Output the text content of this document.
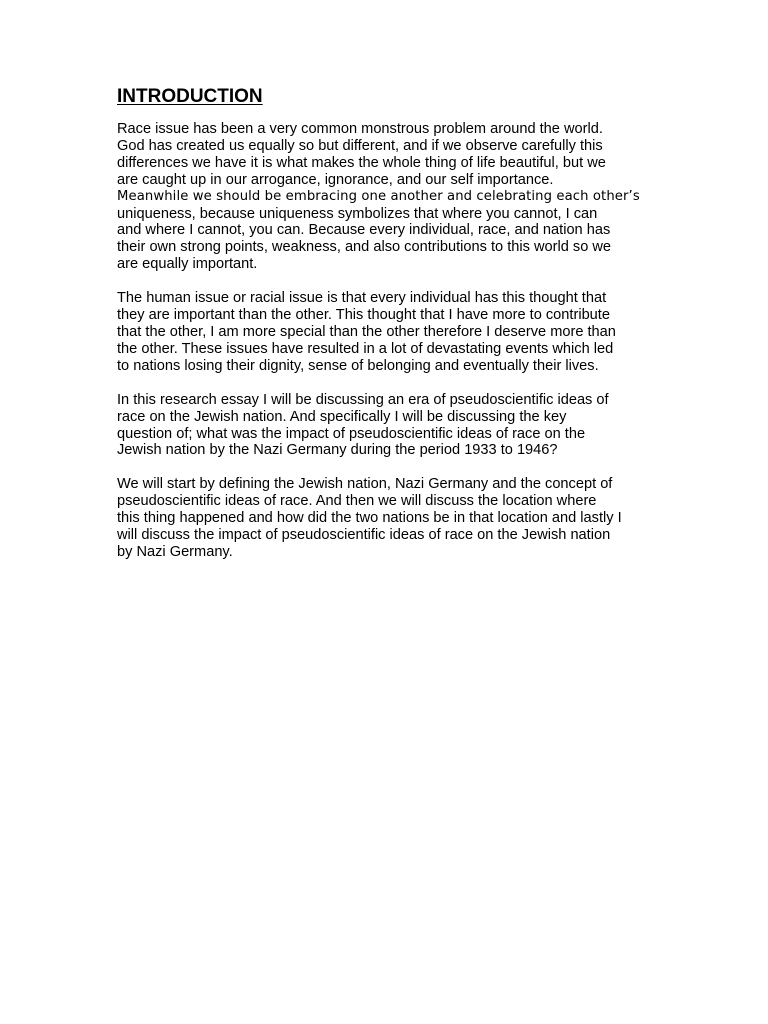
INTRODUCTION

Race issue has been a very common monstrous problem around the world.
God has created us equally so but different, and if we observe carefully this
differences we have it is what makes the whole thing of life beautiful, but we
are caught up in our arrogance, ignorance, and our self importance.
Meanwhile we should be embracing one another and celebrating each other’s
uniqueness, because uniqueness symbolizes that where you cannot, I can
and where I cannot, you can. Because every individual, race, and nation has
their own strong points, weakness, and also contributions to this world so we
are equally important.

The human issue or racial issue is that every individual has this thought that
they are important than the other. This thought that I have more to contribute
that the other, I am more special than the other therefore I deserve more than
the other. These issues have resulted in a lot of devastating events which led
to nations losing their dignity, sense of belonging and eventually their lives.

In this research essay I will be discussing an era of pseudoscientific ideas of
race on the Jewish nation. And specifically I will be discussing the key
question of; what was the impact of pseudoscientific ideas of race on the
Jewish nation by the Nazi Germany during the period 1933 to 1946?

We will start by defining the Jewish nation, Nazi Germany and the concept of
pseudoscientific ideas of race. And then we will discuss the location where
this thing happened and how did the two nations be in that location and lastly I
will discuss the impact of pseudoscientific ideas of race on the Jewish nation
by Nazi Germany.
